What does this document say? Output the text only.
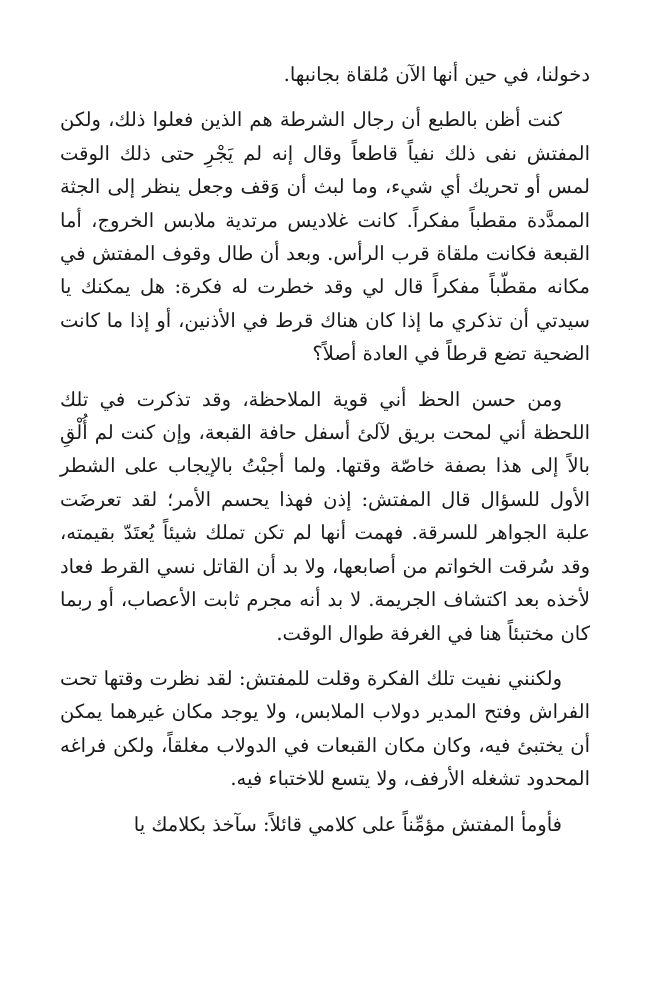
دخولنا، في حين أنها الآن مُلقاة بجانبها.

كنت أظن بالطبع أن رجال الشرطة هم الذين فعلوا ذلك، ولكن المفتش نفى ذلك نفياً قاطعاً وقال إنه لم يَجْرِ حتى ذلك الوقت لمس أو تحريك أي شيء، وما لبث أن وَقف وجعل ينظر إلى الجثة الممدَّدة مقطباً مفكراً. كانت غلاديس مرتدية ملابس الخروج، أما القبعة فكانت ملقاة قرب الرأس. وبعد أن طال وقوف المفتش في مكانه مقطّباً مفكراً قال لي وقد خطرت له فكرة: هل يمكنك يا سيدتي أن تذكري ما إذا كان هناك قرط في الأذنين، أو إذا ما كانت الضحية تضع قرطاً في العادة أصلاً؟

ومن حسن الحظ أني قوية الملاحظة، وقد تذكرت في تلك اللحظة أني لمحت بريق لآلئ أسفل حافة القبعة، وإن كنت لم أُلْقِ بالاً إلى هذا بصفة خاصّة وقتها. ولما أجبْتُ بالإيجاب على الشطر الأول للسؤال قال المفتش: إذن فهذا يحسم الأمر؛ لقد تعرضَت علبة الجواهر للسرقة. فهمت أنها لم تكن تملك شيئاً يُعتَدّ بقيمته، وقد سُرقت الخواتم من أصابعها، ولا بد أن القاتل نسي القرط فعاد لأخذه بعد اكتشاف الجريمة. لا بد أنه مجرم ثابت الأعصاب، أو ربما كان مختبئاً هنا في الغرفة طوال الوقت.

ولكنني نفيت تلك الفكرة وقلت للمفتش: لقد نظرت وقتها تحت الفراش وفتح المدير دولاب الملابس، ولا يوجد مكان غيرهما يمكن أن يختبئ فيه، وكان مكان القبعات في الدولاب مغلقاً، ولكن فراغه المحدود تشغله الأرفف، ولا يتسع للاختباء فيه.

فأومأ المفتش مؤمِّناً على كلامي قائلاً: سآخذ بكلامك يا
